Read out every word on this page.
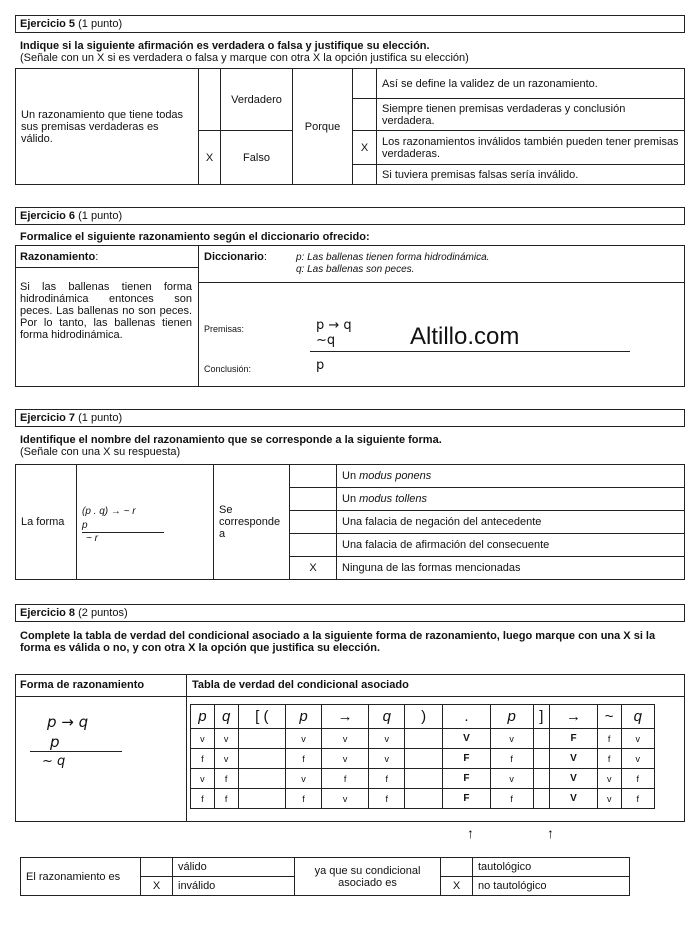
Ejercicio 5 (1 punto)
Indique si la siguiente afirmación es verdadera o falsa y justifique su elección.
(Señale con un X si es verdadera o falsa y marque con otra X la opción justifica su elección)
Un razonamiento que tiene todas sus premisas verdaderas es válido.		Verdadero	Porque		Así se define la validez de un razonamiento.
					Siempre tienen premisas verdaderas y conclusión verdadera.
	X	Falso		X	Los razonamientos inválidos también pueden tener premisas verdaderas.
					Si tuviera premisas falsas sería inválido.
Ejercicio 6 (1 punto)
Formalice el siguiente razonamiento según el diccionario ofrecido:
Razonamiento:
Si las ballenas tienen forma hidrodinámica entonces son peces. Las ballenas no son peces. Por lo tanto, las ballenas tienen forma hidrodinámica.
Diccionario:	p: Las ballenas tienen forma hidrodinámica.
q: Las ballenas son peces.
Premisas:	p → q
~q
Conclusión:	p
Altillo.com
Ejercicio 7 (1 punto)
Identifique el nombre del razonamiento que se corresponde a la siguiente forma.
(Señale con una X su respuesta)
La forma	(p . q) → ~ r
p
~ r	Se corresponde a		Un modus ponens
				Un modus tollens
				Una falacia de negación del antecedente
				Una falacia de afirmación del consecuente
			X	Ninguna de las formas mencionadas
Ejercicio 8 (2 puntos)
Complete la tabla de verdad del condicional asociado a la siguiente forma de razonamiento, luego marque con una X si la forma es válida o no, y con otra X la opción que justifica su elección.
Forma de razonamiento	Tabla de verdad del condicional asociado
p → q
p
~ q
p	q	[ (	p	→	q	)	.	p	]	→	~	q
v	v		v	v	v		V	v		F	f	v
f	v		f	v	v		F	f		V	f	v
v	f		v	f	f		F	v		V	v	f
f	f		f	v	f		F	f		V	v	f
↑	↑
El razonamiento es		válido	ya que su condicional asociado es		tautológico
	X	inválido		X	no tautológico
